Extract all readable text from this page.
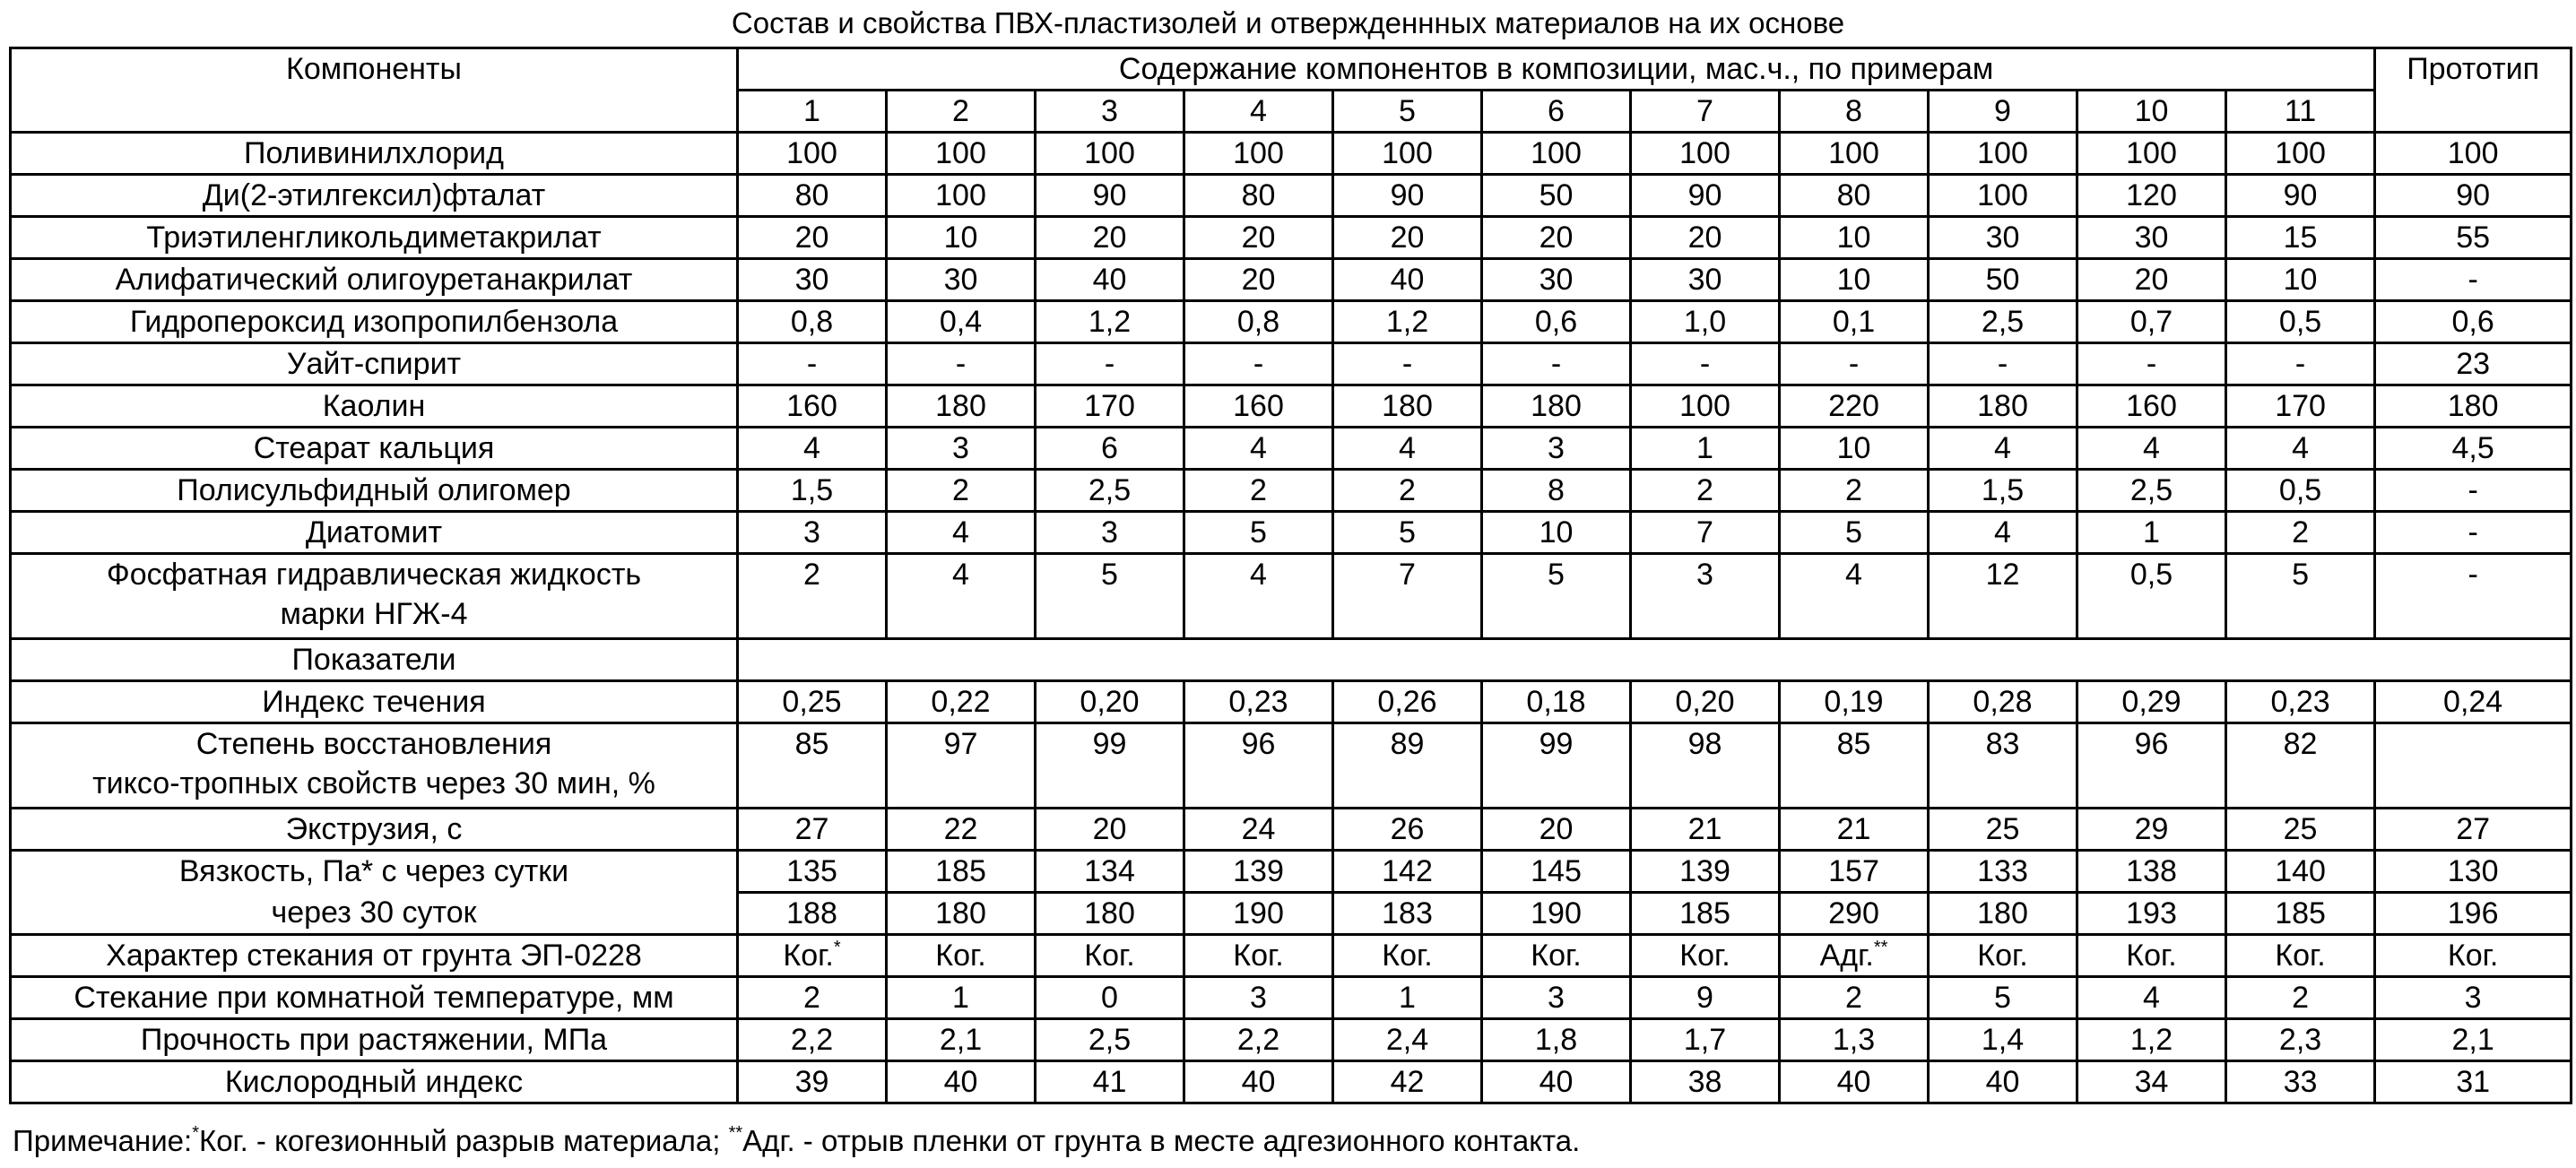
Состав и свойства ПВХ-пластизолей и отвержденнных материалов на их основе
Компоненты	Содержание компонентов в композиции, мас.ч., по примерам											Прототип
	1	2	3	4	5	6	7	8	9	10	11	
Поливинилхлорид	100	100	100	100	100	100	100	100	100	100	100	100
Ди(2-этилгексил)фталат	80	100	90	80	90	50	90	80	100	120	90	90
Триэтиленгликольдиметакрилат	20	10	20	20	20	20	20	10	30	30	15	55
Алифатический олигоуретанакрилат	30	30	40	20	40	30	30	10	50	20	10	-
Гидропероксид изопропилбензола	0,8	0,4	1,2	0,8	1,2	0,6	1,0	0,1	2,5	0,7	0,5	0,6
Уайт-спирит	-	-	-	-	-	-	-	-	-	-	-	23
Каолин	160	180	170	160	180	180	100	220	180	160	170	180
Стеарат кальция	4	3	6	4	4	3	1	10	4	4	4	4,5
Полисульфидный олигомер	1,5	2	2,5	2	2	8	2	2	1,5	2,5	0,5	-
Диатомит	3	4	3	5	5	10	7	5	4	1	2	-

Фосфатная гидравлическая жидкость
марки НГЖ-4	2	4	5	4	7	5	3	4	12	0,5	5	-
Показатели												
Индекс течения	0,25	0,22	0,20	0,23	0,26	0,18	0,20	0,19	0,28	0,29	0,23	0,24

Степень восстановления
тиксо-тропных свойств через 30 мин, %	85	97	99	96	89	99	98	85	83	96	82	
Экструзия, с	27	22	20	24	26	20	21	21	25	29	25	27
Вязкость, Па* с через сутки	135	185	134	139	142	145	139	157	133	138	140	130
через 30 суток	188	180	180	190	183	190	185	290	180	193	185	196
Характер стекания от грунта ЭП-0228	Ког.*	Ког.	Ког.	Ког.	Ког.	Ког.	Ког.	Адг.**	Ког.	Ког.	Ког.	Ког.
Стекание при комнатной температуре, мм	2	1	0	3	1	3	9	2	5	4	2	3
Прочность при растяжении, МПа	2,2	2,1	2,5	2,2	2,4	1,8	1,7	1,3	1,4	1,2	2,3	2,1
Кислородный индекс	39	40	41	40	42	40	38	40	40	34	33	31
Примечание:*Ког. - когезионный разрыв материала; **Адг. - отрыв пленки от грунта в месте адгезионного контакта.
